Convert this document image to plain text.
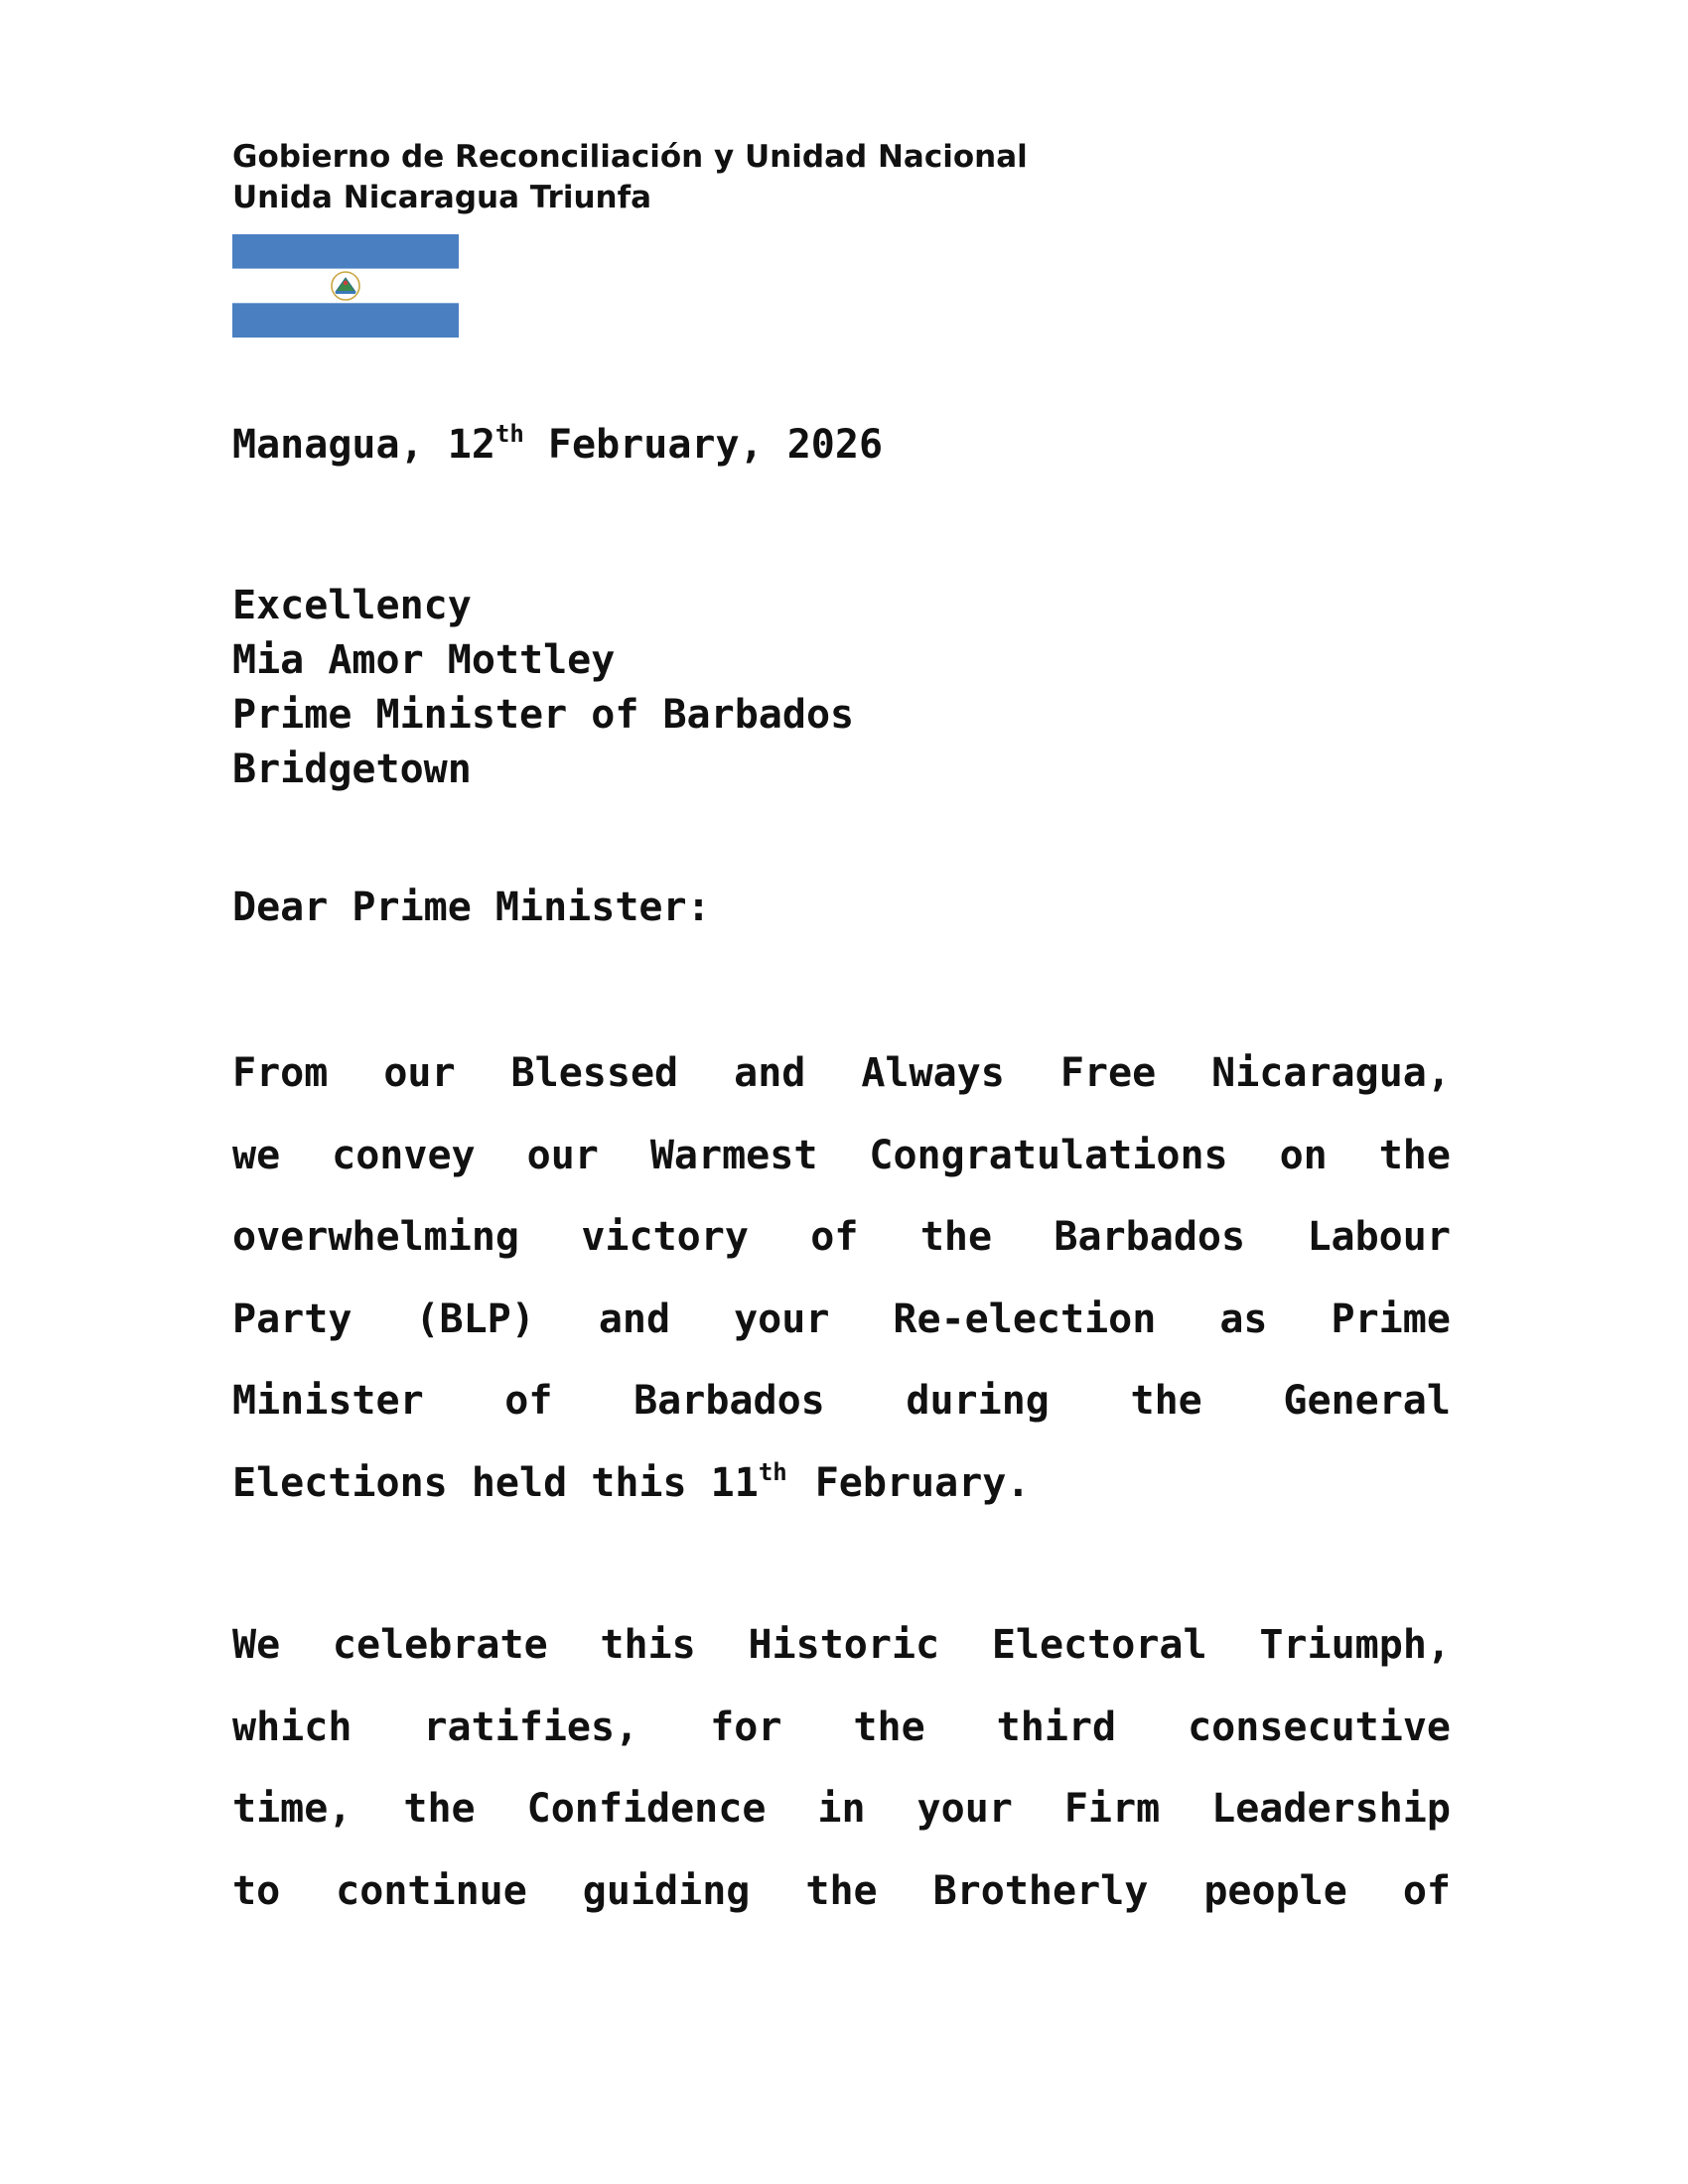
Gobierno de Reconciliación y Unidad Nacional
Unida Nicaragua Triunfa
Managua, 12th February, 2026
Excellency
Mia Amor Mottley
Prime Minister of Barbados
Bridgetown
Dear Prime Minister:
From our Blessed and Always Free Nicaragua,
we convey our Warmest Congratulations on the
overwhelming victory of the Barbados Labour
Party (BLP) and your Re-election as Prime
Minister of Barbados during the General
Elections held this 11th February.
We celebrate this Historic Electoral Triumph,
which ratifies, for the third consecutive
time, the Confidence in your Firm Leadership
to continue guiding the Brotherly people of
